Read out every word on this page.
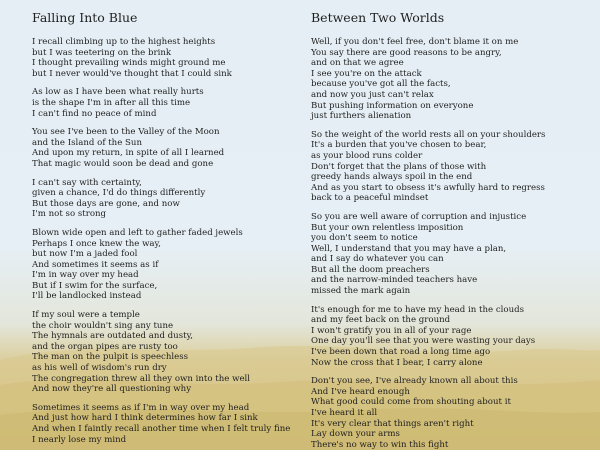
Falling Into Blue
I recall climbing up to the highest heights
but I was teetering on the brink
I thought prevailing winds might ground me
but I never would've thought that I could sink
As low as I have been what really hurts
is the shape I'm in after all this time
I can't find no peace of mind
You see I've been to the Valley of the Moon
and the Island of the Sun
And upon my return, in spite of all I learned
That magic would soon be dead and gone
I can't say with certainty,
given a chance, I'd do things differently
But those days are gone, and now
I'm not so strong
Blown wide open and left to gather faded jewels
Perhaps I once knew the way,
but now I'm a jaded fool
And sometimes it seems as if
I'm in way over my head
But if I swim for the surface,
I'll be landlocked instead
If my soul were a temple
the choir wouldn't sing any tune
The hymnals are outdated and dusty,
and the organ pipes are rusty too
The man on the pulpit is speechless
as his well of wisdom's run dry
The congregation threw all they own into the well
And now they're all questioning why
Sometimes it seems as if I'm in way over my head
And just how hard I think determines how far I sink
And when I faintly recall another time when I felt truly fine
I nearly lose my mind
Between Two Worlds
Well, if you don't feel free, don't blame it on me
You say there are good reasons to be angry,
and on that we agree
I see you're on the attack
because you've got all the facts,
and now you just can't relax
But pushing information on everyone
just furthers alienation
So the weight of the world rests all on your shoulders
It's a burden that you've chosen to bear,
as your blood runs colder
Don't forget that the plans of those with
greedy hands always spoil in the end
And as you start to obsess it's awfully hard to regress
back to a peaceful mindset
So you are well aware of corruption and injustice
But your own relentless imposition
you don't seem to notice
Well, I understand that you may have a plan,
and I say do whatever you can
But all the doom preachers
and the narrow-minded teachers have
missed the mark again
It's enough for me to have my head in the clouds
and my feet back on the ground
I won't gratify you in all of your rage
One day you'll see that you were wasting your days
I've been down that road a long time ago
Now the cross that I bear, I carry alone
Don't you see, I've already known all about this
And I've heard enough
What good could come from shouting about it
I've heard it all
It's very clear that things aren't right
Lay down your arms
There's no way to win this fight
